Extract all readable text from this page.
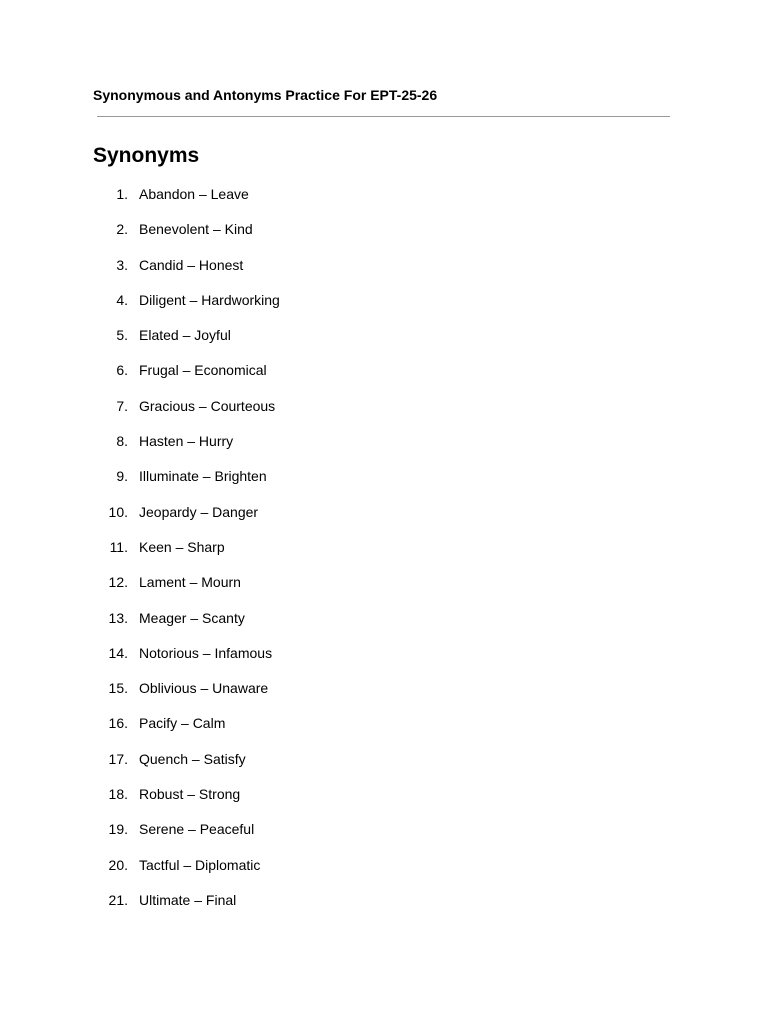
Synonymous and Antonyms Practice For EPT-25-26
Synonyms
1. Abandon – Leave
2. Benevolent – Kind
3. Candid – Honest
4. Diligent – Hardworking
5. Elated – Joyful
6. Frugal – Economical
7. Gracious – Courteous
8. Hasten – Hurry
9. Illuminate – Brighten
10. Jeopardy – Danger
11. Keen – Sharp
12. Lament – Mourn
13. Meager – Scanty
14. Notorious – Infamous
15. Oblivious – Unaware
16. Pacify – Calm
17. Quench – Satisfy
18. Robust – Strong
19. Serene – Peaceful
20. Tactful – Diplomatic
21. Ultimate – Final
